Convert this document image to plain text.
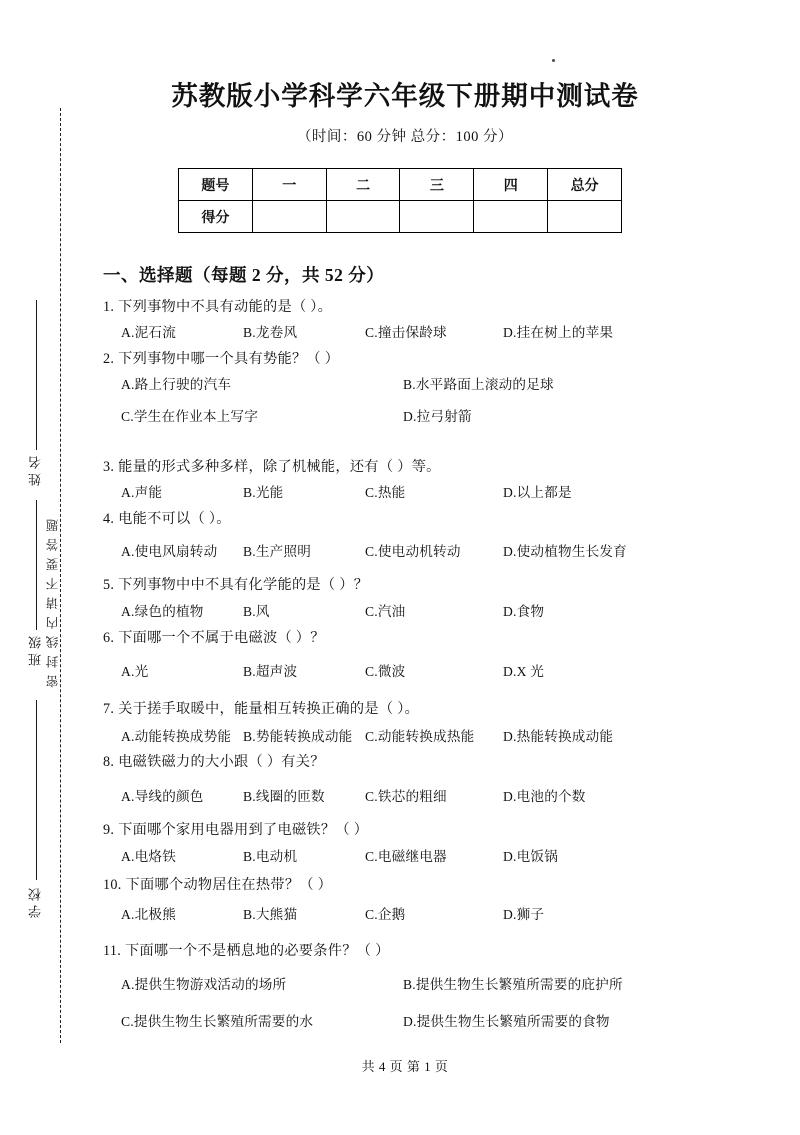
密封线内请不要答题
姓名
班级
学校
苏教版小学科学六年级下册期中测试卷
（时间：60 分钟 总分：100 分）
题号	一	二	三	四	总分
得分					
一、选择题（每题 2 分，共 52 分）
1. 下列事物中不具有动能的是（ ）。
A.泥石流	B.龙卷风	C.撞击保龄球	D.挂在树上的苹果
2. 下列事物中哪一个具有势能？（ ）
A.路上行驶的汽车	B.水平路面上滚动的足球
C.学生在作业本上写字	D.拉弓射箭
3. 能量的形式多种多样，除了机械能，还有（ ）等。
A.声能	B.光能	C.热能	D.以上都是
4. 电能不可以（ ）。
A.使电风扇转动 B.生产照明	C.使电动机转动	D.使动植物生长发育
5. 下列事物中中不具有化学能的是（ ）？
A.绿色的植物	B.风	C.汽油	D.食物
6. 下面哪一个不属于电磁波（ ）？
A.光	B.超声波	C.微波	D.X 光
7. 关于搓手取暖中，能量相互转换正确的是（ ）。
A.动能转换成势能 B.势能转换成动能 C.动能转换成热能 D.热能转换成动能
8. 电磁铁磁力的大小跟（ ）有关？
A.导线的颜色	B.线圈的匝数	C.铁芯的粗细	D.电池的个数
9. 下面哪个家用电器用到了电磁铁？（ ）
A.电烙铁	B.电动机	C.电磁继电器	D.电饭锅
10. 下面哪个动物居住在热带？（ ）
A.北极熊	B.大熊猫	C.企鹅	D.狮子
11. 下面哪一个不是栖息地的必要条件？（ ）
A.提供生物游戏活动的场所	B.提供生物生长繁殖所需要的庇护所
C.提供生物生长繁殖所需要的水	D.提供生物生长繁殖所需要的食物
共 4 页 第 1 页
